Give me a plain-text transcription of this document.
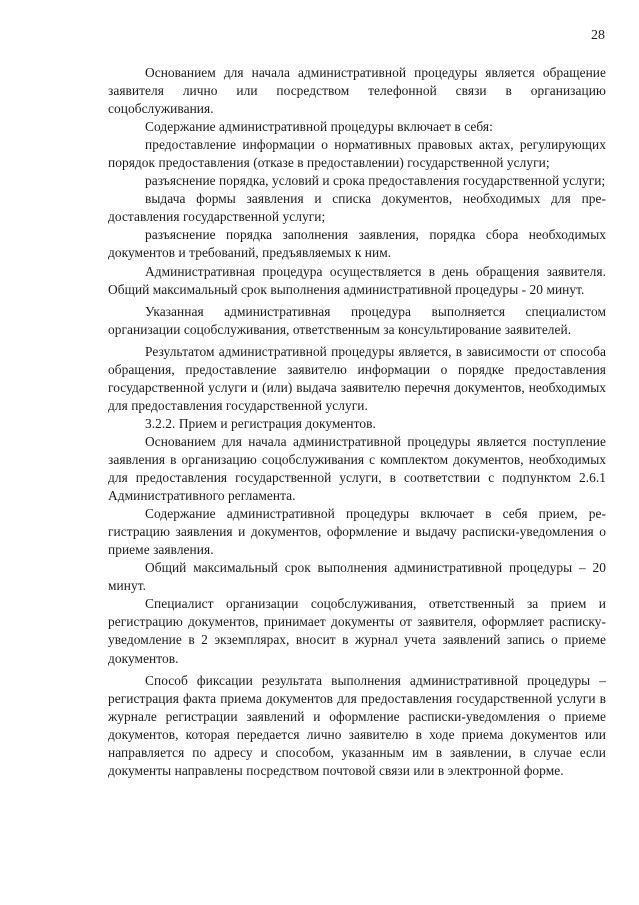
28

Основанием для начала административной процедуры является обращение заявителя лично или посредством телефонной связи в организацию соцобслуживания.

Содержание административной процедуры включает в себя:

предоставление информации о нормативных правовых актах, регулирующих порядок предоставления (отказе в предоставлении) государственной услуги;

разъяснение порядка, условий и срока предоставления государственной услуги;

выдача формы заявления и списка документов, необходимых для предоставления государственной услуги;

разъяснение порядка заполнения заявления, порядка сбора необходимых документов и требований, предъявляемых к ним.

Административная процедура осуществляется в день обращения заявителя. Общий максимальный срок выполнения административной процедуры - 20 минут.

Указанная административная процедура выполняется специалистом организации соцобслуживания, ответственным за консультирование заявителей.

Результатом административной процедуры является, в зависимости от способа обращения, предоставление заявителю информации о порядке предоставления государственной услуги и (или) выдача заявителю перечня документов, необходимых для предоставления государственной услуги.

3.2.2. Прием и регистрация документов.

Основанием для начала административной процедуры является поступление заявления в организацию соцобслуживания с комплектом документов, необходимых для предоставления государственной услуги, в соответствии с подпунктом 2.6.1 Административного регламента.

Содержание административной процедуры включает в себя прием, регистрацию заявления и документов, оформление и выдачу расписки-уведомления о приеме заявления.

Общий максимальный срок выполнения административной процедуры – 20 минут.

Специалист организации соцобслуживания, ответственный за прием и регистрацию документов, принимает документы от заявителя, оформляет расписку-уведомление в 2 экземплярах, вносит в журнал учета заявлений запись о приеме документов.

Способ фиксации результата выполнения административной процедуры – регистрация факта приема документов для предоставления государственной услуги в журнале регистрации заявлений и оформление расписки-уведомления о приеме документов, которая передается лично заявителю в ходе приема документов или направляется по адресу и способом, указанным им в заявлении, в случае если документы направлены посредством почтовой связи или в электронной форме.
